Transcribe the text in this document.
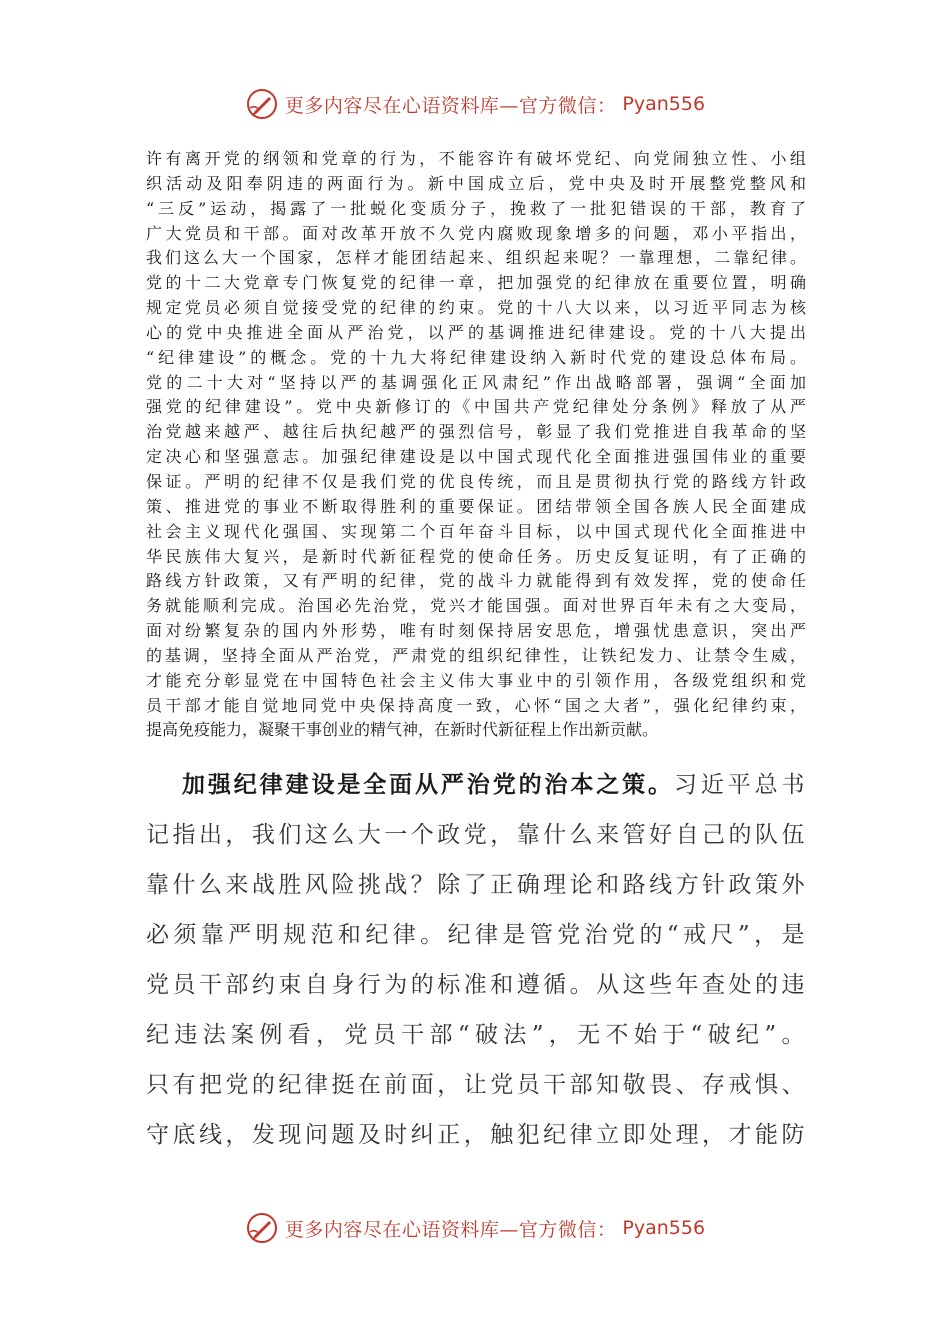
更多内容尽在心语资料库—官方微信： Pyan556
许有离开党的纲领和党章的行为，不能容许有破坏党纪、向党闹独立性、小组
织活动及阳奉阴违的两面行为。新中国成立后，党中央及时开展整党整风和
“三反”运动，揭露了一批蜕化变质分子，挽救了一批犯错误的干部，教育了
广大党员和干部。面对改革开放不久党内腐败现象增多的问题，邓小平指出，
我们这么大一个国家，怎样才能团结起来、组织起来呢？一靠理想，二靠纪律。
党的十二大党章专门恢复党的纪律一章，把加强党的纪律放在重要位置，明确
规定党员必须自觉接受党的纪律的约束。党的十八大以来，以习近平同志为核
心的党中央推进全面从严治党，以严的基调推进纪律建设。党的十八大提出
“纪律建设”的概念。党的十九大将纪律建设纳入新时代党的建设总体布局。
党的二十大对“坚持以严的基调强化正风肃纪”作出战略部署，强调“全面加
强党的纪律建设”。党中央新修订的《中国共产党纪律处分条例》释放了从严
治党越来越严、越往后执纪越严的强烈信号，彰显了我们党推进自我革命的坚
定决心和坚强意志。加强纪律建设是以中国式现代化全面推进强国伟业的重要
保证。严明的纪律不仅是我们党的优良传统，而且是贯彻执行党的路线方针政
策、推进党的事业不断取得胜利的重要保证。团结带领全国各族人民全面建成
社会主义现代化强国、实现第二个百年奋斗目标，以中国式现代化全面推进中
华民族伟大复兴，是新时代新征程党的使命任务。历史反复证明，有了正确的
路线方针政策，又有严明的纪律，党的战斗力就能得到有效发挥，党的使命任
务就能顺利完成。治国必先治党，党兴才能国强。面对世界百年未有之大变局，
面对纷繁复杂的国内外形势，唯有时刻保持居安思危，增强忧患意识，突出严
的基调，坚持全面从严治党，严肃党的组织纪律性，让铁纪发力、让禁令生威，
才能充分彰显党在中国特色社会主义伟大事业中的引领作用，各级党组织和党
员干部才能自觉地同党中央保持高度一致，心怀“国之大者”，强化纪律约束，
提高免疫能力，凝聚干事创业的精气神，在新时代新征程上作出新贡献。
加强纪律建设是全面从严治党的治本之策。习近平总书
记指出，我们这么大一个政党，靠什么来管好自己的队伍
靠什么来战胜风险挑战？除了正确理论和路线方针政策外
必须靠严明规范和纪律。纪律是管党治党的“戒尺”，是
党员干部约束自身行为的标准和遵循。从这些年查处的违
纪违法案例看，党员干部“破法”，无不始于“破纪”。
只有把党的纪律挺在前面，让党员干部知敬畏、存戒惧、
守底线，发现问题及时纠正，触犯纪律立即处理，才能防
更多内容尽在心语资料库—官方微信： Pyan556
